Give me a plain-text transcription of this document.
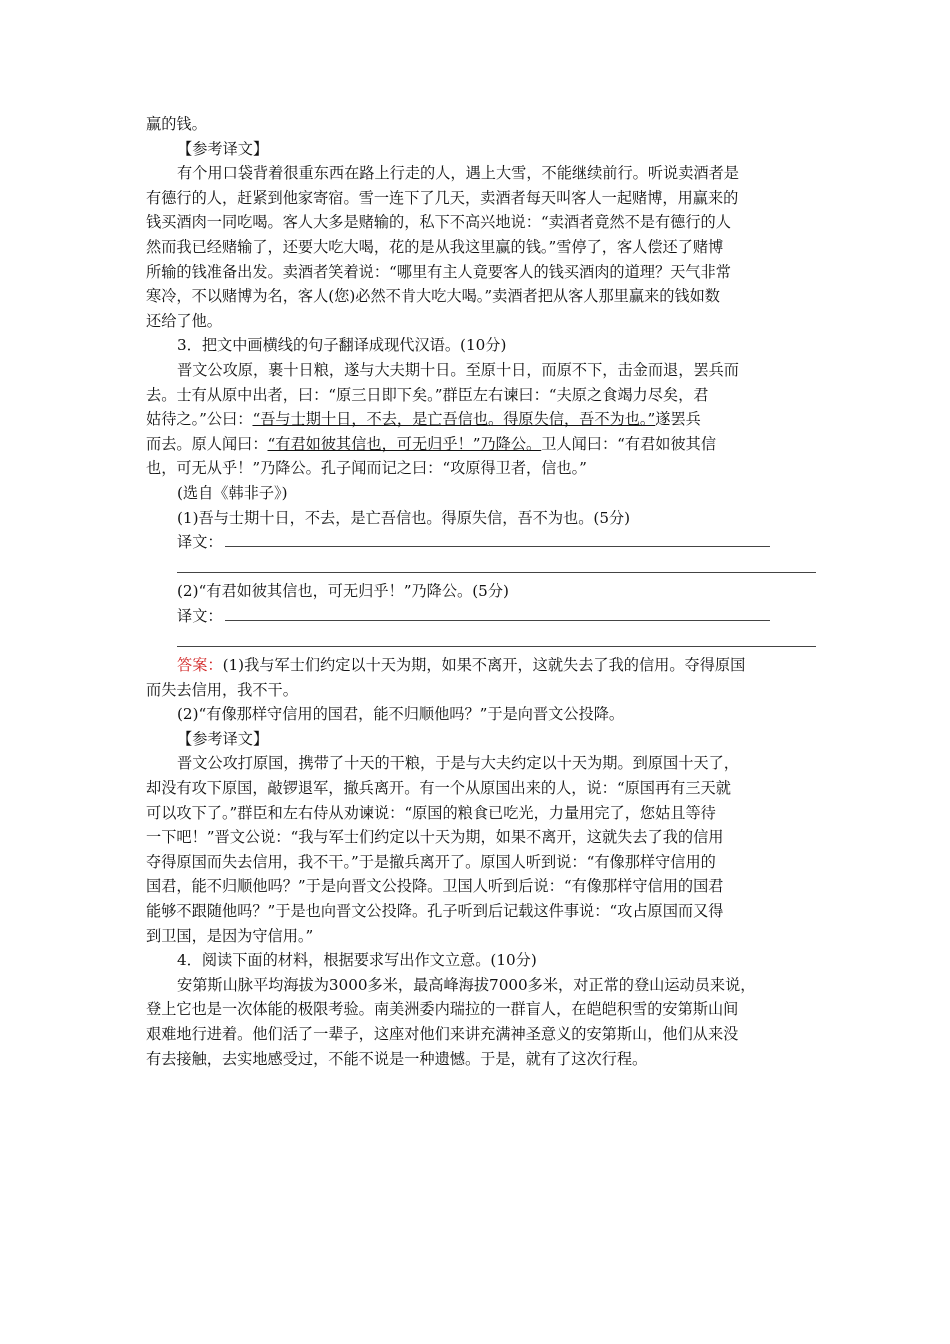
赢的钱。

【参考译文】

有个用口袋背着很重东西在路上行走的人，遇上大雪，不能继续前行。听说卖酒者是

有德行的人，赶紧到他家寄宿。雪一连下了几天，卖酒者每天叫客人一起赌博，用赢来的

钱买酒肉一同吃喝。客人大多是赌输的，私下不高兴地说：“卖酒者竟然不是有德行的人

然而我已经赌输了，还要大吃大喝，花的是从我这里赢的钱。”雪停了，客人偿还了赌博

所输的钱准备出发。卖酒者笑着说：“哪里有主人竟要客人的钱买酒肉的道理？天气非常

寒冷，不以赌博为名，客人(您)必然不肯大吃大喝。”卖酒者把从客人那里赢来的钱如数

还给了他。

3．把文中画横线的句子翻译成现代汉语。(10分)

晋文公攻原，裹十日粮，遂与大夫期十日。至原十日，而原不下，击金而退，罢兵而

去。士有从原中出者，曰：“原三日即下矣。”群臣左右谏曰：“夫原之食竭力尽矣，君

姑待之。”公曰：“吾与士期十日，不去，是亡吾信也。得原失信，吾不为也。”遂罢兵

而去。原人闻曰：“有君如彼其信也，可无归乎！”乃降公。卫人闻曰：“有君如彼其信

也，可无从乎！”乃降公。孔子闻而记之曰：“攻原得卫者，信也。”

(选自《韩非子》)

(1)吾与士期十日，不去，是亡吾信也。得原失信，吾不为也。(5分)

译文：

(2)“有君如彼其信也，可无归乎！”乃降公。(5分)

译文：

答案：(1)我与军士们约定以十天为期，如果不离开，这就失去了我的信用。夺得原国

而失去信用，我不干。

(2)“有像那样守信用的国君，能不归顺他吗？”于是向晋文公投降。

【参考译文】

晋文公攻打原国，携带了十天的干粮，于是与大夫约定以十天为期。到原国十天了，

却没有攻下原国，敲锣退军，撤兵离开。有一个从原国出来的人，说：“原国再有三天就

可以攻下了。”群臣和左右侍从劝谏说：“原国的粮食已吃光，力量用完了，您姑且等待

一下吧！”晋文公说：“我与军士们约定以十天为期，如果不离开，这就失去了我的信用

夺得原国而失去信用，我不干。”于是撤兵离开了。原国人听到说：“有像那样守信用的

国君，能不归顺他吗？”于是向晋文公投降。卫国人听到后说：“有像那样守信用的国君

能够不跟随他吗？”于是也向晋文公投降。孔子听到后记载这件事说：“攻占原国而又得

到卫国，是因为守信用。”

4．阅读下面的材料，根据要求写出作文立意。(10分)

安第斯山脉平均海拔为3000多米，最高峰海拔7000多米，对正常的登山运动员来说，

登上它也是一次体能的极限考验。南美洲委内瑞拉的一群盲人，在皑皑积雪的安第斯山间

艰难地行进着。他们活了一辈子，这座对他们来讲充满神圣意义的安第斯山，他们从来没

有去接触，去实地感受过，不能不说是一种遗憾。于是，就有了这次行程。
